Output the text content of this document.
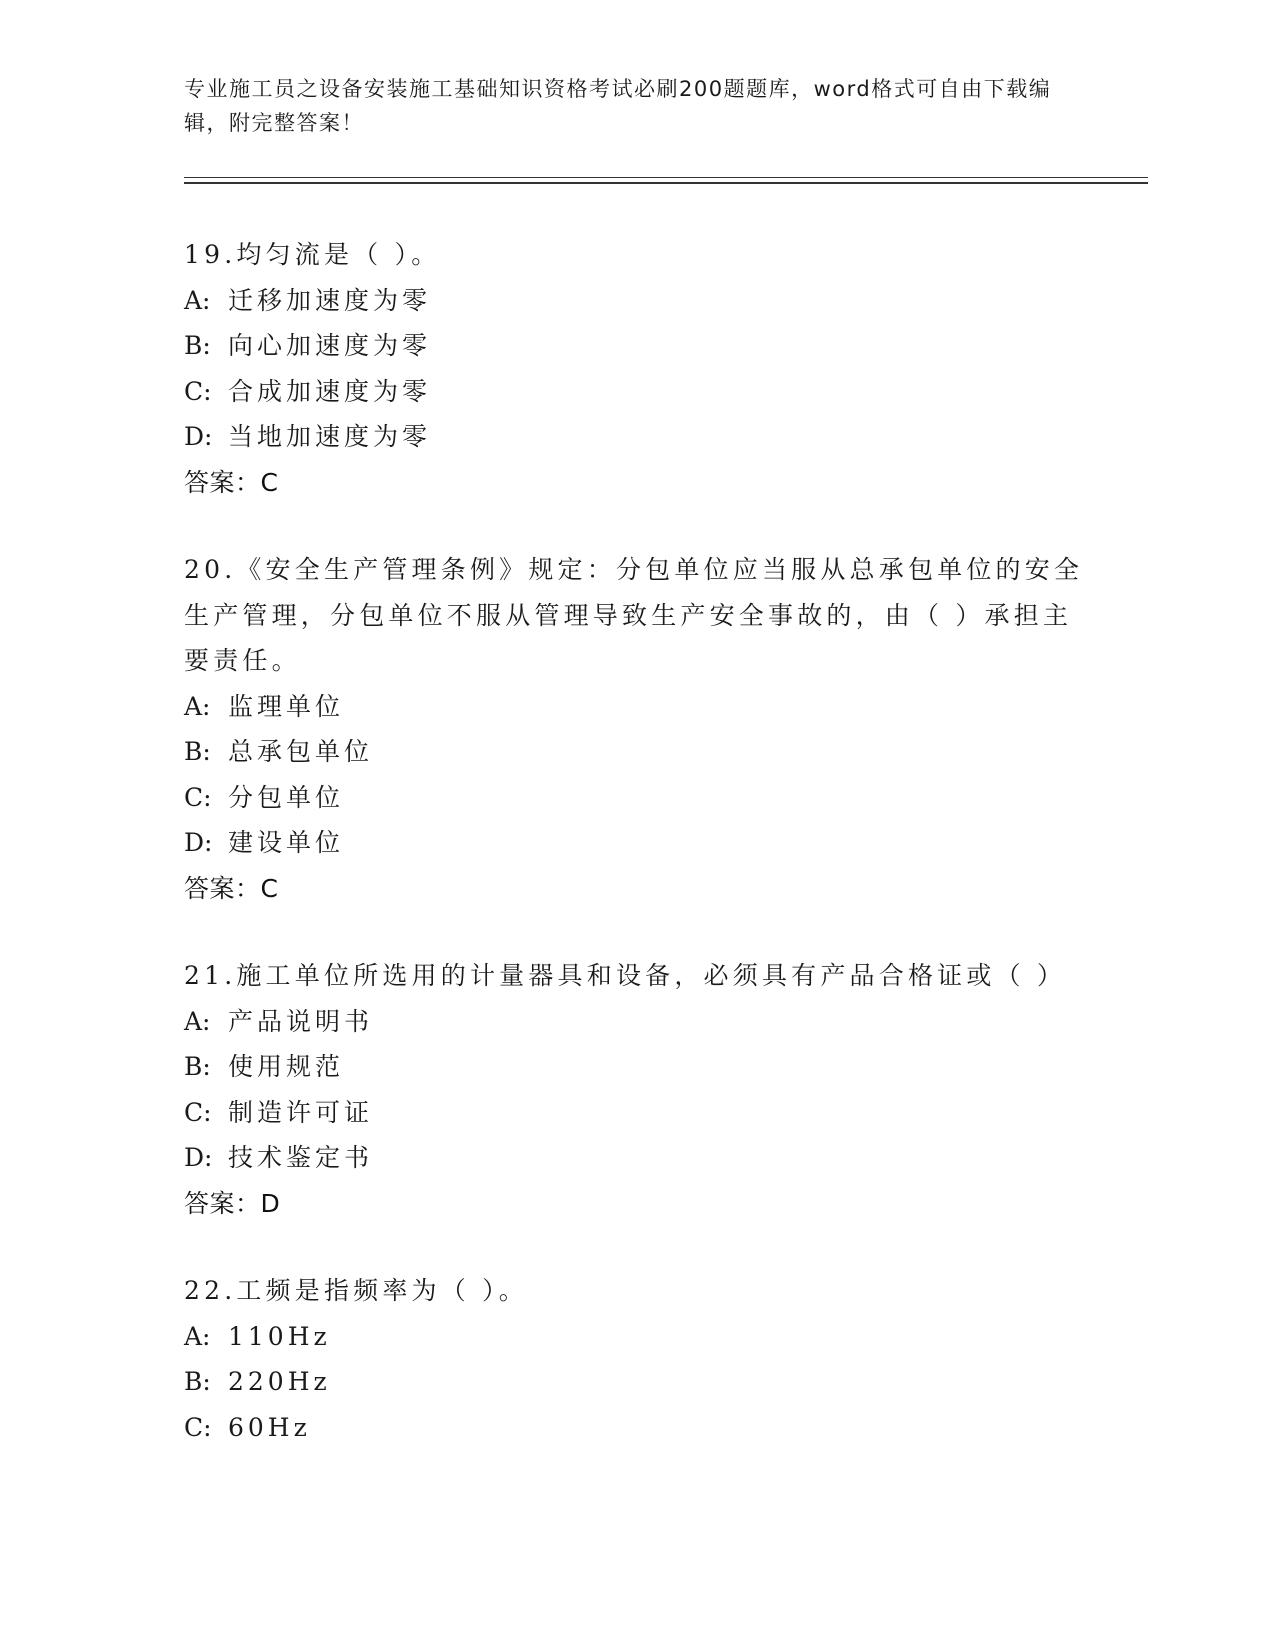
专业施工员之设备安装施工基础知识资格考试必刷200题题库，word格式可自由下载编辑，附完整答案！
19.均匀流是（ ）。
A: 迁移加速度为零
B: 向心加速度为零
C: 合成加速度为零
D: 当地加速度为零
答案：C
20.《安全生产管理条例》规定：分包单位应当服从总承包单位的安全生产管理，分包单位不服从管理导致生产安全事故的，由（ ）承担主要责任。
A: 监理单位
B: 总承包单位
C: 分包单位
D: 建设单位
答案：C
21.施工单位所选用的计量器具和设备，必须具有产品合格证或（ ）
A: 产品说明书
B: 使用规范
C: 制造许可证
D: 技术鉴定书
答案：D
22.工频是指频率为（ ）。
A: 110Hz
B: 220Hz
C: 60Hz
